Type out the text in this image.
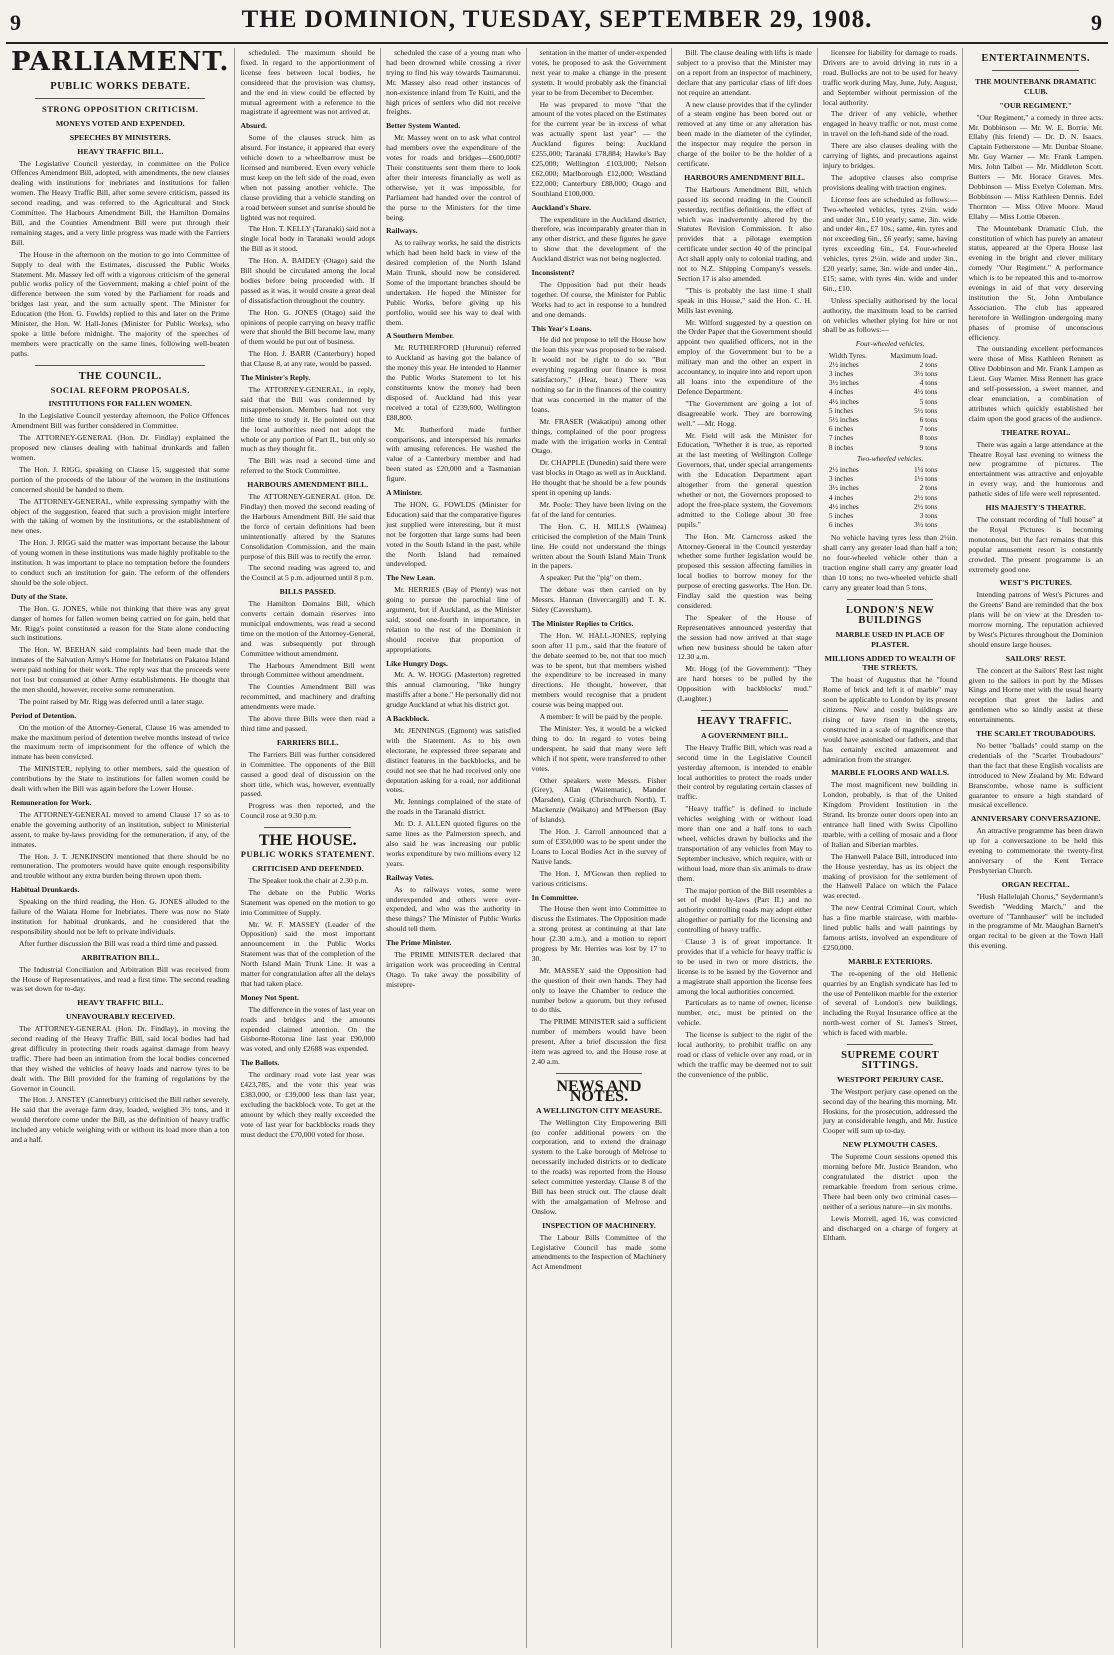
9	THE DOMINION, TUESDAY, SEPTEMBER 29, 1908.	9
PARLIAMENT.
PUBLIC WORKS DEBATE.
STRONG OPPOSITION CRITICISM.
MONEYS VOTED AND EXPENDED.
SPEECHES BY MINISTERS.
HEAVY TRAFFIC BILL.

The Legislative Council yesterday, in committee on the Police Offences Amendment Bill, adopted, with amendments, the new clauses dealing with institutions for inebriates and institutions for fallen women. The Heavy Traffic Bill, after some severe criticism, passed its second reading, and was referred to the Agricultural and Stock Committee. The Harbours Amendment Bill, the Hamilton Domains Bill, and the Counties Amendment Bill were put through their remaining stages, and a very little progress was made with the Farriers Bill.

The House in the afternoon on the motion to go into Committee of Supply to deal with the Estimates, discussed the Public Works Statement. Mr. Massey led off with a vigorous criticism of the general public works policy of the Government, making a chief point of the difference between the sum voted by the Parliament for roads and bridges last year, and the sum actually spent. The Minister for Education (the Hon. G. Fowlds) replied to this and later on the Prime Minister, the Hon. W. Hall-Jones (Minister for Public Works), who spoke a little before midnight. The majority of the speeches of members were practically on the same lines, following well-beaten paths.

THE COUNCIL.
SOCIAL REFORM PROPOSALS.
INSTITUTIONS FOR FALLEN WOMEN.

In the Legislative Council yesterday afternoon, the Police Offences Amendment Bill was further considered in Committee.

The ATTORNEY-GENERAL (Hon. Dr. Findlay) explained the proposed new clauses dealing with habitual drunkards and fallen women.

The Hon. J. RIGG, speaking on Clause 15, suggested that some portion of the proceeds of the labour of the women in the institutions concerned should be handed to them.

The ATTORNEY-GENERAL, while expressing sympathy with the object of the suggestion, feared that such a provision might interfere with the taking of women by the institutions, or the establishment of new ones.

The Hon. J. RIGG said the matter was important because the labour of young women in these institutions was made highly profitable to the institution. It was important to place no temptation before the founders to conduct such an institution for gain. The reform of the offenders should be the sole object.

Duty of the State.

The Hon. G. JONES, while not thinking that there was any great danger of homes for fallen women being carried on for gain, held that Mr. Rigg's point constituted a reason for the State alone conducting such institutions.

The Hon. W. BEEHAN said complaints had been made that the inmates of the Salvation Army's Home for Inebriates on Pakatoa Island were paid nothing for their work. The reply was that the proceeds were not lost but consumed at other Army establishments. He thought that the men should, however, receive some remuneration.

The point raised by Mr. Rigg was deferred until a later stage.

Period of Detention.

On the motion of the Attorney-General, Clause 16 was amended to make the maximum period of detention twelve months instead of twice the maximum term of imprisonment for the offence of which the inmate has been convicted.

The MINISTER, replying to other members, said the question of contributions by the State to institutions for fallen women could be dealt with when the Bill was again before the Lower House.

Remuneration for Work.

The ATTORNEY-GENERAL moved to amend Clause 17 so as to enable the governing authority of an institution, subject to Ministerial assent, to make by-laws providing for the remuneration, if any, of the inmates.

The Hon. J. T. JENKINSON mentioned that there should be no remuneration. The promoters would have quite enough responsibility and trouble without any extra burden being thrown upon them.

Habitual Drunkards.

Speaking on the third reading, the Hon. G. JONES alluded to the failure of the Waiata Home for Inebriates. There was now no State institution for habitual drunkards, and he considered that the responsibility should not be left to private individuals.

After further discussion the Bill was read a third time and passed.

ARBITRATION BILL.

The Industrial Conciliation and Arbitration Bill was received from the House of Representatives, and read a first time. The second reading was set down for to-day.

HEAVY TRAFFIC BILL.
UNFAVOURABLY RECEIVED.

The ATTORNEY-GENERAL (Hon. Dr. Findlay), in moving the second reading of the Heavy Traffic Bill, said local bodies had had great difficulty in protecting their roads against damage from heavy traffic. There had been an intimation from the local bodies concerned that they wished the vehicles of heavy loads and narrow tyres to be dealt with. The Bill provided for the framing of regulations by the Governor in Council.

The Hon. J. ANSTEY (Canterbury) criticised the Bill rather severely. He said that the average farm dray, loaded, weighed 3½ tons, and it would therefore come under the Bill, as the definition of heavy traffic included any vehicle weighing with or without its load more than a ton and a half.

scheduled. The maximum should be fixed. In regard to the apportionment of license fees between local bodies, he considered that the provision was clumsy, and the end in view could be effected by mutual agreement with a reference to the magistrate if agreement was not arrived at.

Absurd.

Some of the clauses struck him as absurd. For instance, it appeared that every vehicle down to a wheelbarrow must be licensed and numbered. Even every vehicle must keep on the left side of the road, even when not passing another vehicle. The clause providing that a vehicle standing on a road between sunset and sunrise should be lighted was not required.

The Hon. T. KELLY (Taranaki) said not a single local body in Taranaki would adopt the Bill as it stood.

The Hon. A. BAIDEY (Otago) said the Bill should be circulated among the local bodies before being proceeded with. If passed as it was, it would create a great deal of dissatisfaction throughout the country.

The Hon. G. JONES (Otago) said the opinions of people carrying on heavy traffic were that should the Bill become law, many of them would be put out of business.

The Hon. J. BARR (Canterbury) hoped that Clause 8, at any rate, would be passed.

The Minister's Reply.

The ATTORNEY-GENERAL, in reply, said that the Bill was condemned by misapprehension. Members had not very little time to study it. He pointed out that the local authorities need not adopt the whole or any portion of Part II., but only so much as they thought fit.

The Bill was read a second time and referred to the Stock Committee.

HARBOURS AMENDMENT BILL.

The ATTORNEY-GENERAL (Hon. Dr. Findlay) then moved the second reading of the Harbours Amendment Bill. He said that the force of certain definitions had been unintentionally altered by the Statutes Consolidation Commission, and the main purpose of this Bill was to rectify the error.

The second reading was agreed to, and the Council at 5 p.m. adjourned until 8 p.m.

BILLS PASSED.

The Hamilton Domains Bill, which converts certain domain reserves into municipal endowments, was read a second time on the motion of the Attorney-General, and was subsequently put through Committee without amendment.

The Harbours Amendment Bill went through Committee without amendment.

The Counties Amendment Bill was recommitted, and machinery and drafting amendments were made.

The above three Bills were then read a third time and passed.

FARRIERS BILL.

The Farriers Bill was further considered in Committee. The opponents of the Bill caused a good deal of discussion on the short title, which was, however, eventually passed.

Progress was then reported, and the Council rose at 9.30 p.m.

THE HOUSE.
PUBLIC WORKS STATEMENT.
CRITICISED AND DEFENDED.

The Speaker took the chair at 2.30 p.m.

The debate on the Public Works Statement was opened on the motion to go into Committee of Supply.

Mr. W. F. MASSEY (Leader of the Opposition) said the most important announcement in the Public Works Statement was that of the completion of the North Island Main Trunk Line. It was a matter for congratulation after all the delays that had taken place.

Money Not Spent.

The difference in the votes of last year on roads and bridges and the amounts expended claimed attention. On the Gisborne-Rotorua line last year £90,000 was voted, and only £2688 was expended.

The Ballots.

The ordinary road vote last year was £423,785, and the vote this year was £383,000, or £39,000 less than last year, excluding the backblock vote. To get at the amount by which they really exceeded the vote of last year for backblocks roads they must deduct the £70,000 voted for those.

scheduled the case of a young man who had been drowned while crossing a river trying to find his way towards Taumarunui. Mr. Massey also read other instances of non-existence inland from Te Kuiti, and the high prices of settlers who did not receive freights.

Better System Wanted.

Mr. Massey went on to ask what control had members over the expenditure of the votes for roads and bridges—£600,000? Their constituents sent them there to look after their interests financially as well as otherwise, yet it was impossible, for Parliament had handed over the control of the purse to the Ministers for the time being.

Railways.

As to railway works, he said the districts which had been held back in view of the desired completion of the North Island Main Trunk, should now be considered. Some of the important branches should be undertaken. He hoped the Minister for Public Works, before giving up his portfolio, would see his way to deal with them.

A Southern Member.

Mr. RUTHERFORD (Hurunui) referred to Auckland as having got the balance of the money this year. He intended to Hanmer the Public Works Statement to let his constituents know the money had been disposed of. Auckland had this year received a total of £239,600, Wellington £88,800.

Mr. Rutherford made further comparisons, and interspersed his remarks with amusing references. He washed the value of a Canterbury member and had been stated as £20,000 and a Tasmanian figure.

A Minister.

The HON. G. FOWLDS (Minister for Education) said that the comparative figures just supplied were interesting, but it must not be forgotten that large sums had been voted in the South Island in the past, while the North Island had remained undeveloped.

The New Lean.

Mr. HERRIES (Bay of Plenty) was not going to pursue the parochial line of argument, but if Auckland, as the Minister said, stood one-fourth in importance, in relation to the rest of the Dominion it should receive that proportion of appropriations.

Like Hungry Dogs.

Mr. A. W. HOGG (Masterton) regretted this annual clamouring, "like hungry mastiffs after a bone." He personally did not grudge Auckland at what his district got.

A Backblock.

Mr. JENNINGS (Egmont) was satisfied with the Statement. As to his own electorate, he expressed three separate and distinct features in the backblocks, and he could not see that he had received only one deputation asking for a road, nor additional votes.

Mr. Jennings complained of the state of the roads in the Taranaki district.

Mr. D. J. ALLEN quoted figures on the same lines as the Palmerston speech, and also said he was increasing our public works expenditure by two millions every 12 years.

Railway Votes.

As to railways votes, some were underexpended and others were over-expended, and who was the authority in these things? The Minister of Public Works should tell them.

The Prime Minister.

The PRIME MINISTER declared that irrigation work was proceeding in Central Otago. To take away the possibility of misrepre-

sentation in the matter of under-expended votes, he proposed to ask the Government next year to make a change in the present system. It would probably ask the financial year to be from December to December.

He was prepared to move "that the amount of the votes placed on the Estimates for the current year be in excess of what was actually spent last year" — the Auckland figures being: Auckland £255,000; Taranaki £78,884; Hawke's Bay £25,000; Wellington £103,000; Nelson £62,000; Marlborough £12,000; Westland £22,000; Canterbury £88,000; Otago and Southland £100,000.

Auckland's Share.

The expenditure in the Auckland district, therefore, was incomparably greater than in any other district, and these figures he gave to show that the development of the Auckland district was not being neglected.

Inconsistent?

The Opposition had put their heads together. Of course, the Minister for Public Works had to act in response to a hundred and one demands.

This Year's Loans.

He did not propose to tell the House how the loan this year was proposed to be raised. It would not be right to do so. "But everything regarding our finance is most satisfactory," (Hear, hear.) There was nothing so far in the finances of the country that was concerned in the matter of the loans.

Mr. FRASER (Wakatipu) among other things, complained of the poor progress made with the irrigation works in Central Otago.

Dr. CHAPPLE (Dunedin) said there were vast blocks in Otago as well as in Auckland. He thought that he should be a few pounds spent in opening up lands.

Mr. Poole: They have been living on the fat of the land for centuries.

The Hon. C. H. MILLS (Waimea) criticised the completion of the Main Trunk line. He could not understand the things written about the South Island Main Trunk in the papers.

A speaker: Put the "pig" on them.

The debate was then carried on by Messrs. Hannan (Invercargill) and T. K. Sidey (Caversham).

The Minister Replies to Critics.

The Hon. W. HALL-JONES, replying soon after 11 p.m., said that the feature of the debate seemed to be, not that too much was to be spent, but that members wished the expenditure to be increased in many directions. He thought, however, that members would recognise that a prudent course was being mapped out.

A member: It will be paid by the people.

The Minister: Yes, it would be a wicked thing to do. In regard to votes being underspent, he said that many were left which if not spent, were transferred to other votes.

Other speakers were Messrs. Fisher (Grey), Allan (Waitematic), Mander (Marsden), Craig (Christchurch North), T. Mackenzie (Waikato) and M'Pherson (Bay of Islands).

The Hon. J. Carroll announced that a sum of £350,000 was to be spent under the Loans to Local Bodies Act in the survey of Native lands.

The Hon. J. M'Gowan then replied to various criticisms.

In Committee.

The House then went into Committee to discuss the Estimates. The Opposition made a strong protest at continuing at that late hour (2.30 a.m.), and a motion to report progress by Mr. Herries was lost by 17 to 30.

Mr. MASSEY said the Opposition had the question of their own hands. They had only to leave the Chamber to reduce the number below a quorum, but they refused to do this.

The PRIME MINISTER said a sufficient number of members would have been present. After a brief discussion the first item was agreed to, and the House rose at 2.40 a.m.

NEWS AND NOTES.
A WELLINGTON CITY MEASURE.

The Wellington City Empowering Bill (to confer additional powers on the corporation, and to extend the drainage system to the Lake borough of Melrose to necessarily included districts or to dedicate to the roads) was reported from the House select committee yesterday. Clause 8 of the Bill has been struck out. The clause dealt with the amalgamation of Melrose and Onslow.

INSPECTION OF MACHINERY.

The Labour Bills Committee of the Legislative Council has made some amendments to the Inspection of Machinery Act Amendment

Bill. The clause dealing with lifts is made subject to a proviso that the Minister may on a report from an inspector of machinery, declare that any particular class of lift does not require an attendant.

A new clause provides that if the cylinder of a steam engine has been bored out or removed at any time or any alteration has been made in the diameter of the cylinder, the inspector may require the person in charge of the boiler to be the holder of a certificate.

HARBOURS AMENDMENT BILL.

The Harbours Amendment Bill, which passed its second reading in the Council yesterday, rectifies definitions, the effect of which was inadvertently altered by the Statutes Revision Commission. It also provides that a pilotage exemption certificate under section 40 of the principal Act shall apply only to colonial trading, and not to N.Z. Shipping Company's vessels. Section 17 is also amended.

"This is probably the last time I shall speak in this House," said the Hon. C. H. Mills last evening.

Mr. Wilford suggested by a question on the Order Paper that the Government should appoint two qualified officers, not in the employ of the Government but to be a military man and the other an expert in accountancy, to inquire into and report upon all loans into the expenditure of the Defence Department.

"The Government are going a lot of disagreeable work. They are borrowing well." —Mr. Hogg.

Mr. Field will ask the Minister for Education, "Whether it is true, as reported at the last meeting of Wellington College Governors, that, under special arrangements with the Education Department apart altogether from the general question whether or not, the Governors proposed to adopt the free-place system, the Governors admitted to the College about 30 free pupils."

The Hon. Mr. Carncross asked the Attorney-General in the Council yesterday whether some further legislation would be proposed this session affecting families in local bodies to borrow money for the purpose of erecting gasworks. The Hon. Dr. Findlay said the question was being considered.

The Speaker of the House of Representatives announced yesterday that the session had now arrived at that stage when new business should be taken after 12.30 a.m.

Mr. Hogg (of the Government): "They are hard horses to be pulled by the Opposition with backblocks' mud." (Laughter.)

HEAVY TRAFFIC.
A GOVERNMENT BILL.

The Heavy Traffic Bill, which was read a second time in the Legislative Council yesterday afternoon, is intended to enable local authorities to protect the roads under their control by regulating certain classes of traffic.

"Heavy traffic" is defined to include vehicles weighing with or without load more than one and a half tons to each wheel, vehicles drawn by bullocks and the transportation of any vehicles from May to September inclusive, which require, with or without load, more than six animals to draw them.

The major portion of the Bill resembles a set of model by-laws (Part II.) and no authority controlling roads may adopt either altogether or partially for the licensing and controlling of heavy traffic.

Clause 3 is of great importance. It provides that if a vehicle for heavy traffic is to be used in two or more districts, the license is to be issued by the Governor and a magistrate shall apportion the license fees among the local authorities concerned.

Particulars as to name of owner, license number, etc., must be printed on the vehicle.

The license is subject to the right of the local authority, to prohibit traffic on any road or class of vehicle over any road, or in which the traffic may be deemed not to suit the convenience of the public.

licensee for liability for damage to roads. Drivers are to avoid driving in ruts in a road. Bullocks are not to be used for heavy traffic work during May, June, July, August, and September without permission of the local authority.

The driver of any vehicle, whether engaged in heavy traffic or not, must come in travel on the left-hand side of the road.

There are also clauses dealing with the carrying of lights, and precautions against injury to bridges.

The adoptive clauses also comprise provisions dealing with traction engines.

License fees are scheduled as follows:—Two-wheeled vehicles, tyres 2½in. wide and under 3in., £10 yearly; same, 3in. wide and under 4in., £7 10s.; same, 4in. tyres and not exceeding 6in., £6 yearly; same, having tyres exceeding 6in., £4. Four-wheeled vehicles, tyres 2½in. wide and under 3in., £20 yearly; same, 3in. wide and under 4in., £15; same, with tyres 4in. wide and under 6in., £10.

Unless specially authorised by the local authority, the maximum load to be carried on vehicles whether plying for hire or not shall be as follows:—

Four-wheeled vehicles.
Width Tyres.	Maximum load.
2½ inches	2 tons
3 inches	3½ tons
3½ inches	4 tons
4 inches	4½ tons
4½ inches	5 tons
5 inches	5½ tons
5½ inches	6 tons
6 inches	7 tons
7 inches	8 tons
8 inches	9 tons
Two-wheeled vehicles.
2½ inches	1¼ tons
3 inches	1½ tons
3½ inches	2 tons
4 inches	2½ tons
4½ inches	2½ tons
5 inches	3 tons
6 inches	3½ tons

No vehicle having tyres less than 2½in. shall carry any greater load than half a ton; no four-wheeled vehicle other than a traction engine shall carry any greater load than 10 tons; no two-wheeled vehicle shall carry any greater load than 5 tons.

LONDON'S NEW BUILDINGS
MARBLE USED IN PLACE OF PLASTER.
MILLIONS ADDED TO WEALTH OF THE STREETS.

The boast of Augustus that he "found Rome of brick and left it of marble" may soon be applicable to London by its present citizens. New and costly buildings are rising or have risen in the streets, constructed in a scale of magnificence that would have astonished our fathers, and that has certainly excited amazement and admiration from the stranger.

MARBLE FLOORS AND WALLS.

The most magnificent new building in London, probably, is that of the United Kingdom Provident Institution in the Strand. Its bronze outer doors open into an entrance hall lined with Swiss Cipollino marble, with a ceiling of mosaic and a floor of Italian and Siberian marbles.

The Hanwell Palace Bill, introduced into the House yesterday, has as its object the making of provision for the settlement of the Hanwell Palace on which the Palace was erected.

The new Central Criminal Court, which has a fine marble staircase, with marble-lined public halls and wall paintings by famous artists, involved an expenditure of £250,000.

MARBLE EXTERIORS.

The re-opening of the old Hellenic quarries by an English syndicate has led to the use of Pentelikon marble for the exterior of several of London's new buildings, including the Royal Insurance office at the north-west corner of St. James's Street, which is faced with marble.

SUPREME COURT SITTINGS.
WESTPORT PERJURY CASE.

The Westport perjury case opened on the second day of the hearing this morning. Mr. Hoskins, for the prosecution, addressed the jury at considerable length, and Mr. Justice Cooper will sum up to-day.

NEW PLYMOUTH CASES.

The Supreme Court sessions opened this morning before Mr. Justice Brandon, who congratulated the district upon the remarkable freedom from serious crime. There had been only two criminal cases—neither of a serious nature—in six months.

Lewis Morrell, aged 16, was convicted and discharged on a charge of forgery at Eltham.

ENTERTAINMENTS.
THE MOUNTEBANK DRAMATIC CLUB.
"OUR REGIMENT."

"Our Regiment," a comedy in three acts. Mr. Dobbinson — Mr. W. E. Borrie. Mr. Ellaby (his friend) — Dr. D. N. Isaacs. Captain Fetherstone — Mr. Dunbar Sloane. Mr. Guy Warner — Mr. Frank Lampen. Mrs. John Talbot — Mr. Middleton Scott. Butters — Mr. Horace Graves. Mrs. Dobbinson — Miss Evelyn Coleman. Mrs. Bobbinson — Miss Kathleen Dennis. Edel Thornton — Miss Olive Moore. Maud Ellaby — Miss Lottie Oberen.

The Mountebank Dramatic Club, the constitution of which has purely an amateur status, appeared at the Opera House last evening in the bright and clever military comedy "Our Regiment." A performance which is to be repeated this and to-morrow evenings in aid of that very deserving institution the St. John Ambulance Association. The club has appeared heretofore in Wellington undergoing many phases of promise of unconscious efficiency.

The outstanding excellent performances were those of Miss Kathleen Rennett as Olive Dobbinson and Mr. Frank Lampen as Lieut. Guy Warner. Miss Rennett has grace and self-possession, a sweet manner, and clear enunciation, a combination of attributes which quickly established her claim upon the good graces of the audience.

THEATRE ROYAL.

There was again a large attendance at the Theatre Royal last evening to witness the new programme of pictures. The entertainment was attractive and enjoyable in every way, and the humorous and pathetic sides of life were well represented.

HIS MAJESTY'S THEATRE.

The constant recording of "full house" at the Royal Pictures is becoming monotonous, but the fact remains that this popular amusement resort is constantly crowded. The present programme is an extremely good one.

WEST'S PICTURES.

Intending patrons of West's Pictures and the Greens' Band are reminded that the box plans will be on view at the Dresden to-morrow morning. The reputation achieved by West's Pictures throughout the Dominion should ensure large houses.

SAILORS' REST.

The concert at the Sailors' Rest last night given to the sailors in port by the Misses Kings and Horne met with the usual hearty reception that greet the ladies and gentlemen who so kindly assist at these entertainments.

THE SCARLET TROUBADOURS.

No better "ballads" could stamp on the credentials of the "Scarlet Troubadours" than the fact that these English vocalists are introduced to New Zealand by Mr. Edward Branscombe, whose name is sufficient guarantee to ensure a high standard of musical excellence.

ANNIVERSARY CONVERSAZIONE.

An attractive programme has been drawn up for a conversazione to be held this evening to commemorate the twenty-first anniversary of the Kent Terrace Presbyterian Church.

ORGAN RECITAL.

"Hush Hallelujah Chorus," Seydermann's Swedish "Wedding March," and the overture of "Tannhauser" will be included in the programme of Mr. Maughan Barnett's organ recital to be given at the Town Hall this evening.
